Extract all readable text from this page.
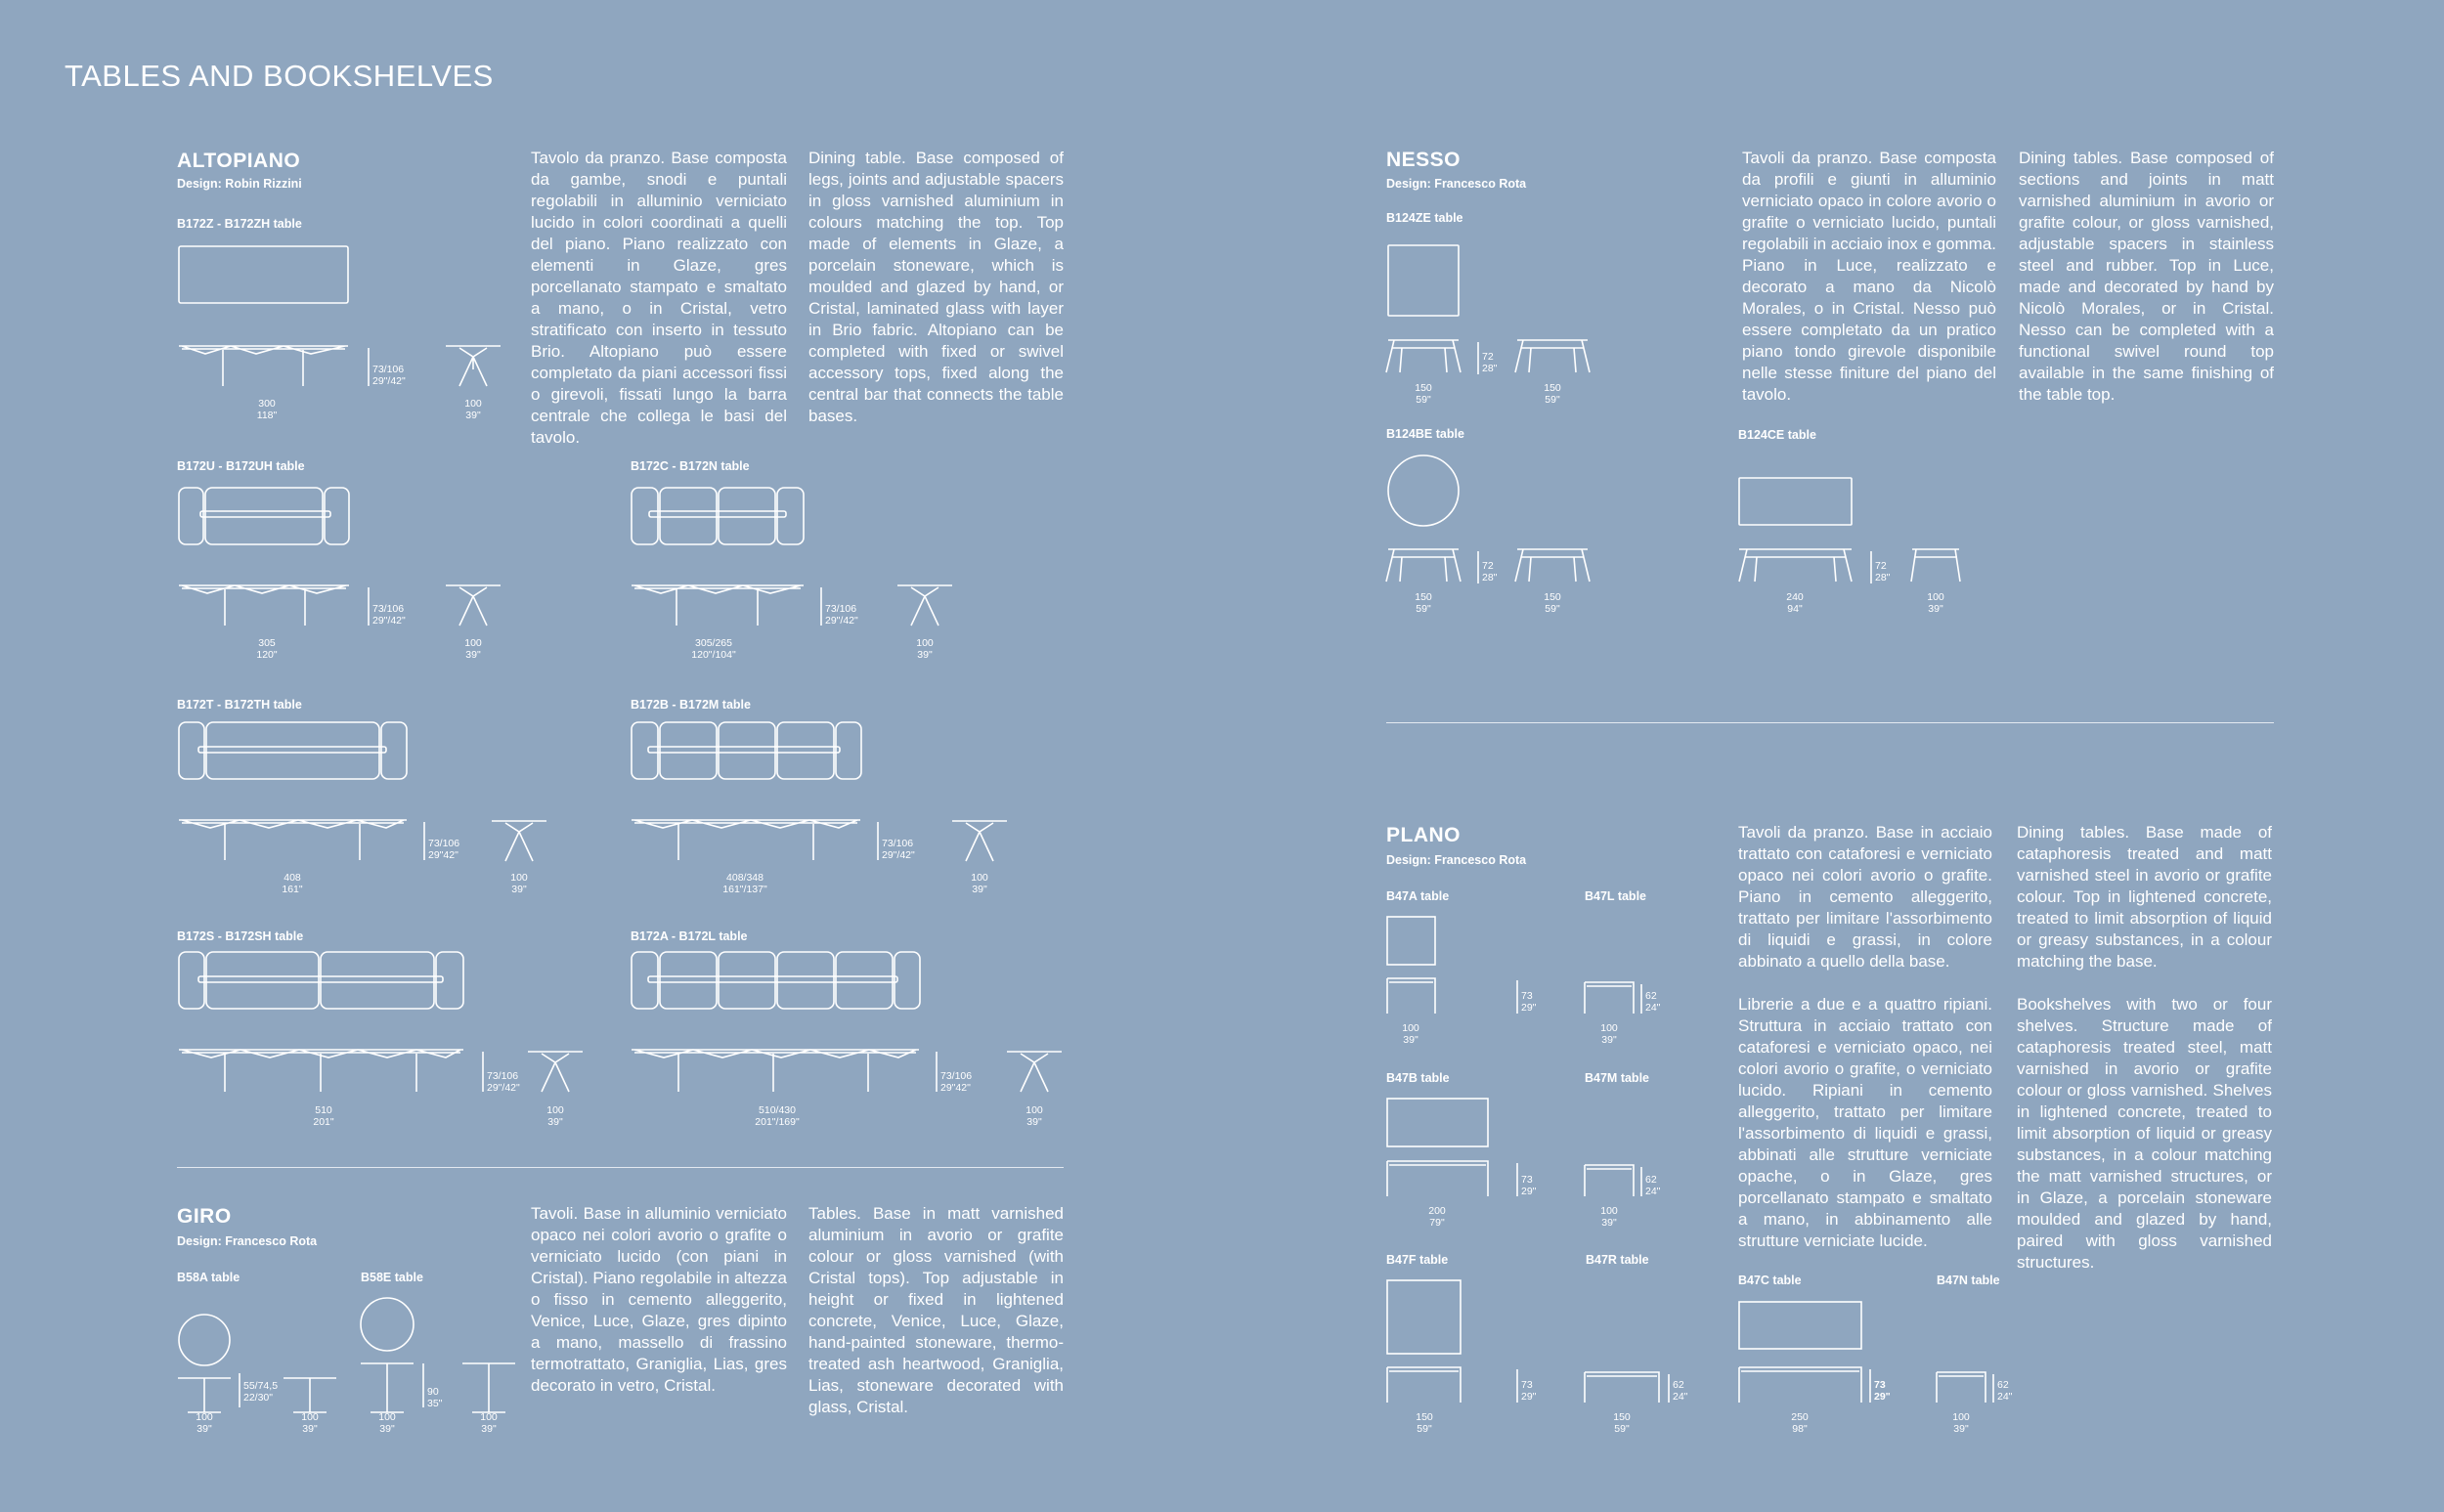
TABLES AND BOOKSHELVES
ALTOPIANO
Design: Robin Rizzini
Tavolo da pranzo. Base composta da gambe, snodi e puntali regolabili in alluminio verniciato lucido in colori coordinati a quelli del piano. Piano realizzato con elementi in Glaze, gres porcellanato stampato e smaltato a mano, o in Cristal, vetro stratificato con inserto in tessuto Brio. Altopiano può essere completato da piani accessori fissi o girevoli, fissati lungo la barra centrale che collega le basi del tavolo.
Dining table. Base composed of legs, joints and adjustable spacers in gloss varnished aluminium in colours matching the top. Top made of elements in Glaze, a porcelain stoneware, which is moulded and glazed by hand, or Cristal, laminated glass with layer in Brio fabric. Altopiano can be completed with fixed or swivel accessory tops, fixed along the central bar that connects the table bases.
B172Z - B172ZH table
300
118"
73/106
29"/42"
100
39"
B172U - B172UH table
305
120"
73/106
29"/42"
100
39"
B172C - B172N table
305/265
120"/104"
73/106
29"/42"
100
39"
B172T - B172TH table
408
161"
73/106
29"42"
100
39"
B172B - B172M table
408/348
161"/137"
73/106
29"/42"
100
39"
B172S - B172SH table
510
201"
73/106
29"/42"
100
39"
B172A - B172L table
510/430
201"/169"
73/106
29"42"
100
39"
GIRO
Design: Francesco Rota
Tavoli. Base in alluminio verniciato opaco nei colori avorio o grafite o verniciato lucido (con piani in Cristal). Piano regolabile in altezza o fisso in cemento alleggerito, Venice, Luce, Glaze, gres dipinto a mano, massello di frassino termotrattato, Graniglia, Lias, gres decorato in vetro, Cristal.
Tables. Base in matt varnished aluminium in avorio or grafite colour or gloss varnished (with Cristal tops). Top adjustable in height or fixed in lightened concrete, Venice, Luce, Glaze, hand-painted stoneware, thermo-treated ash heartwood, Graniglia, Lias, stoneware decorated with glass, Cristal.
B58A table
100
39"
55/74,5
22/30"
100
39"
B58E table
100
39"
90
35"
100
39"
NESSO
Design: Francesco Rota
Tavoli da pranzo. Base composta da profili e giunti in alluminio verniciato opaco in colore avorio o grafite o verniciato lucido, puntali regolabili in acciaio inox e gomma. Piano in Luce, realizzato e decorato a mano da Nicolò Morales, o in Cristal. Nesso può essere completato da un pratico piano tondo girevole disponibile nelle stesse finiture del piano del tavolo.
Dining tables. Base composed of sections and joints in matt varnished aluminium in avorio or grafite colour, or gloss varnished, adjustable spacers in stainless steel and rubber. Top in Luce, made and decorated by hand by Nicolò Morales, or in Cristal. Nesso can be completed with a functional swivel round top available in the same finishing of the table top.
B124ZE table
150
59"
72
28"
150
59"
B124BE table
150
59"
72
28"
150
59"
B124CE table
240
94"
72
28"
100
39"
PLANO
Design: Francesco Rota

Tavoli da pranzo. Base in acciaio trattato con cataforesi e verniciato opaco nei colori avorio o grafite. Piano in cemento alleggerito, trattato per limitare l'assorbimento di liquidi e grassi, in colore abbinato a quello della base.

Librerie a due e a quattro ripiani. Struttura in acciaio trattato con cataforesi e verniciato opaco, nei colori avorio o grafite, o verniciato lucido. Ripiani in cemento alleggerito, trattato per limitare l'assorbimento di liquidi e grassi, abbinati alle strutture verniciate opache, o in Glaze, gres porcellanato stampato e smaltato a mano, in abbinamento alle strutture verniciate lucide.

Dining tables. Base made of cataphoresis treated and matt varnished steel in avorio or grafite colour. Top in lightened concrete, treated to limit absorption of liquid or greasy substances, in a colour matching the base.

Bookshelves with two or four shelves. Structure made of cataphoresis treated steel, matt varnished in avorio or grafite colour or gloss varnished. Shelves in lightened concrete, treated to limit absorption of liquid or greasy substances, in a colour matching the matt varnished structures, or in Glaze, a porcelain stoneware moulded and glazed by hand, paired with gloss varnished structures.

B47A table
100
39"
73
29"
B47L table
100
39"
62
24"
B47B table
200
79"
73
29"
B47M table
100
39"
62
24"
B47F table
150
59"
73
29"
B47R table
150
59"
62
24"
B47C table
250
98"
73
29"
B47N table
100
39"
62
24"
